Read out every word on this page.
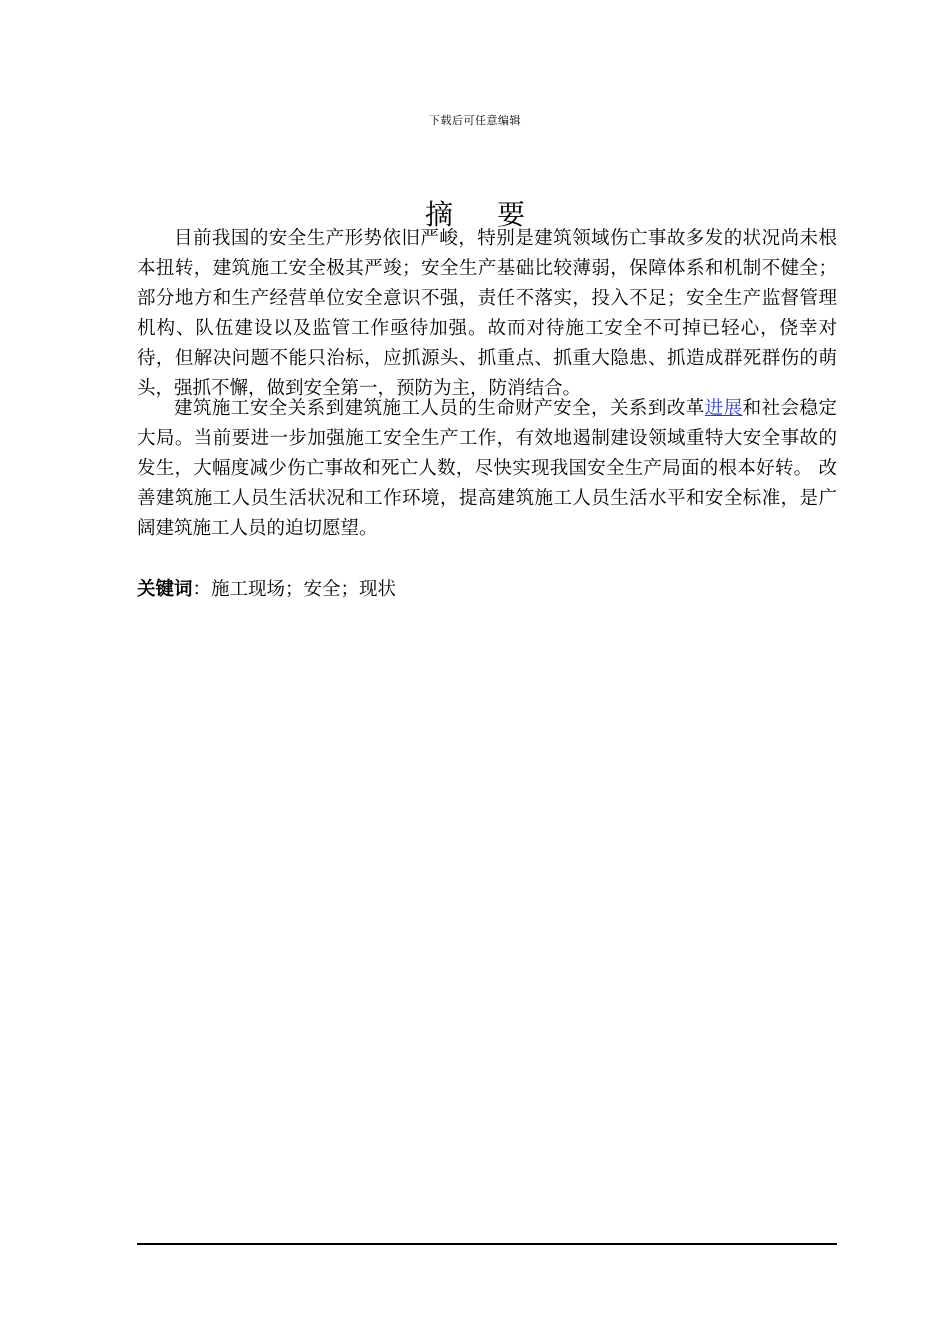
下载后可任意编辑
摘 要

目前我国的安全生产形势依旧严峻，特别是建筑领域伤亡事故多发的状况尚未根本扭转，建筑施工安全极其严竣；安全生产基础比较薄弱，保障体系和机制不健全；部分地方和生产经营单位安全意识不强，责任不落实，投入不足；安全生产监督管理机构、队伍建设以及监管工作亟待加强。故而对待施工安全不可掉已轻心，侥幸对待，但解决问题不能只治标，应抓源头、抓重点、抓重大隐患、抓造成群死群伤的萌头，强抓不懈，做到安全第一，预防为主，防消结合。

建筑施工安全关系到建筑施工人员的生命财产安全，关系到改革进展和社会稳定大局。当前要进一步加强施工安全生产工作，有效地遏制建设领域重特大安全事故的发生，大幅度减少伤亡事故和死亡人数，尽快实现我国安全生产局面的根本好转。 改善建筑施工人员生活状况和工作环境，提高建筑施工人员生活水平和安全标准，是广阔建筑施工人员的迫切愿望。

关键词：施工现场；安全；现状
